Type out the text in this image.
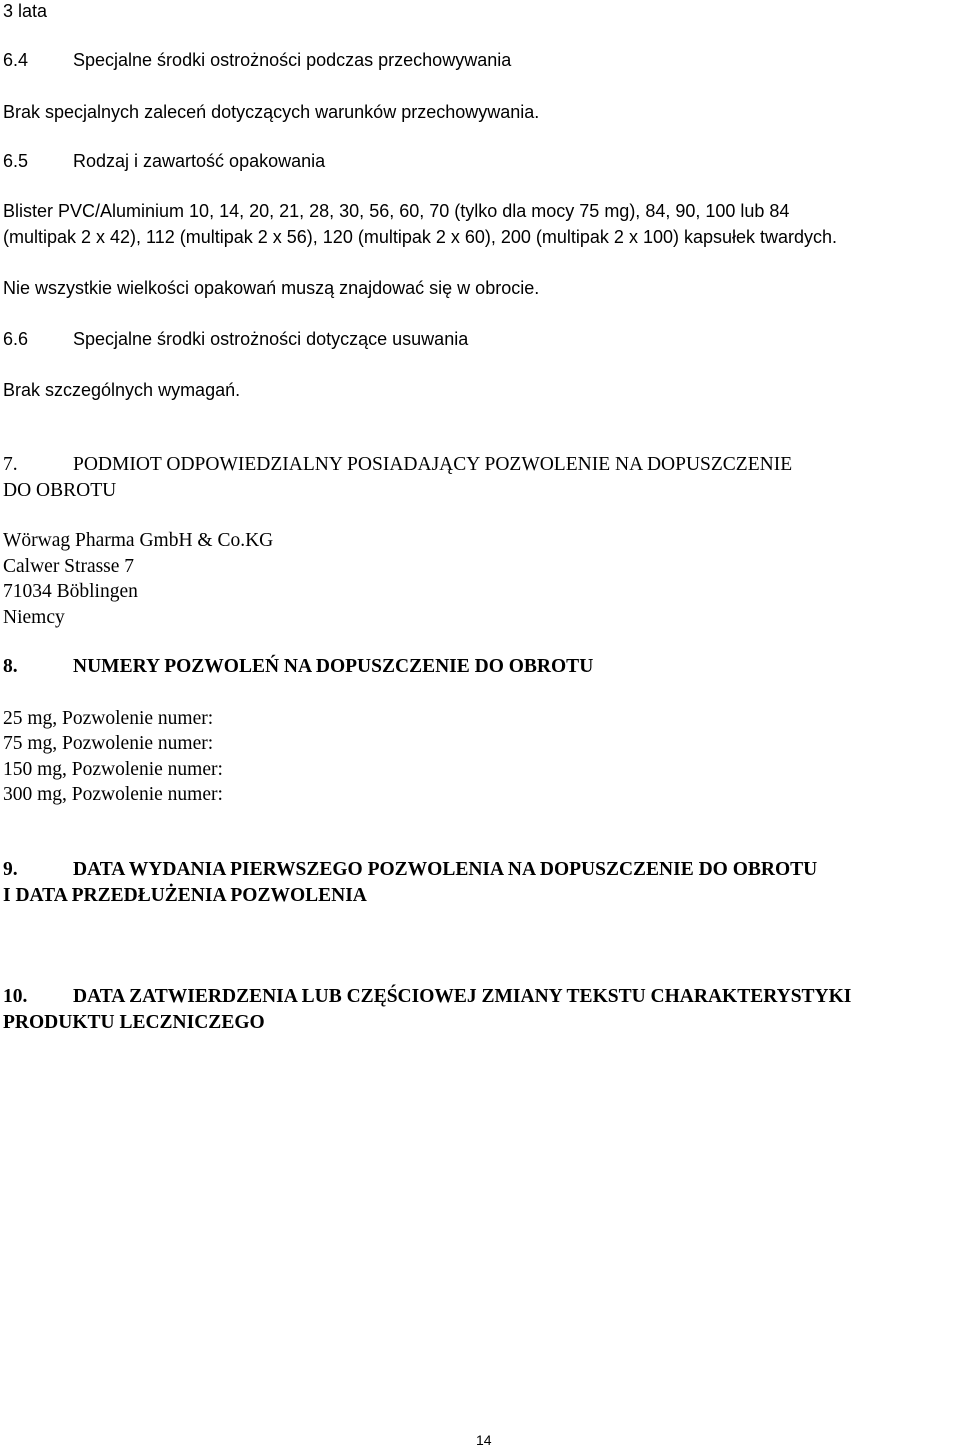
3 lata
6.4 Specjalne środki ostrożności podczas przechowywania
Brak specjalnych zaleceń dotyczących warunków przechowywania.
6.5 Rodzaj i zawartość opakowania
Blister PVC/Aluminium 10, 14, 20, 21, 28, 30, 56, 60, 70 (tylko dla mocy 75 mg), 84, 90, 100 lub 84
(multipak 2 x 42), 112 (multipak 2 x 56), 120 (multipak 2 x 60), 200 (multipak 2 x 100) kapsułek twardych.
Nie wszystkie wielkości opakowań muszą znajdować się w obrocie.
6.6 Specjalne środki ostrożności dotyczące usuwania
Brak szczególnych wymagań.
7.	PODMIOT ODPOWIEDZIALNY POSIADAJĄCY POZWOLENIE NA DOPUSZCZENIE
DO OBROTU
Wörwag Pharma GmbH & Co.KG
Calwer Strasse 7
71034 Böblingen
Niemcy
8.	NUMERY POZWOLEŃ NA DOPUSZCZENIE DO OBROTU
25 mg, Pozwolenie numer:
75 mg, Pozwolenie numer:
150 mg, Pozwolenie numer:
300 mg, Pozwolenie numer:
9.	DATA WYDANIA PIERWSZEGO POZWOLENIA NA DOPUSZCZENIE DO OBROTU
I DATA PRZEDŁUŻENIA POZWOLENIA
10. DATA ZATWIERDZENIA LUB CZĘŚCIOWEJ ZMIANY TEKSTU CHARAKTERYSTYKI
PRODUKTU LECZNICZEGO
14
